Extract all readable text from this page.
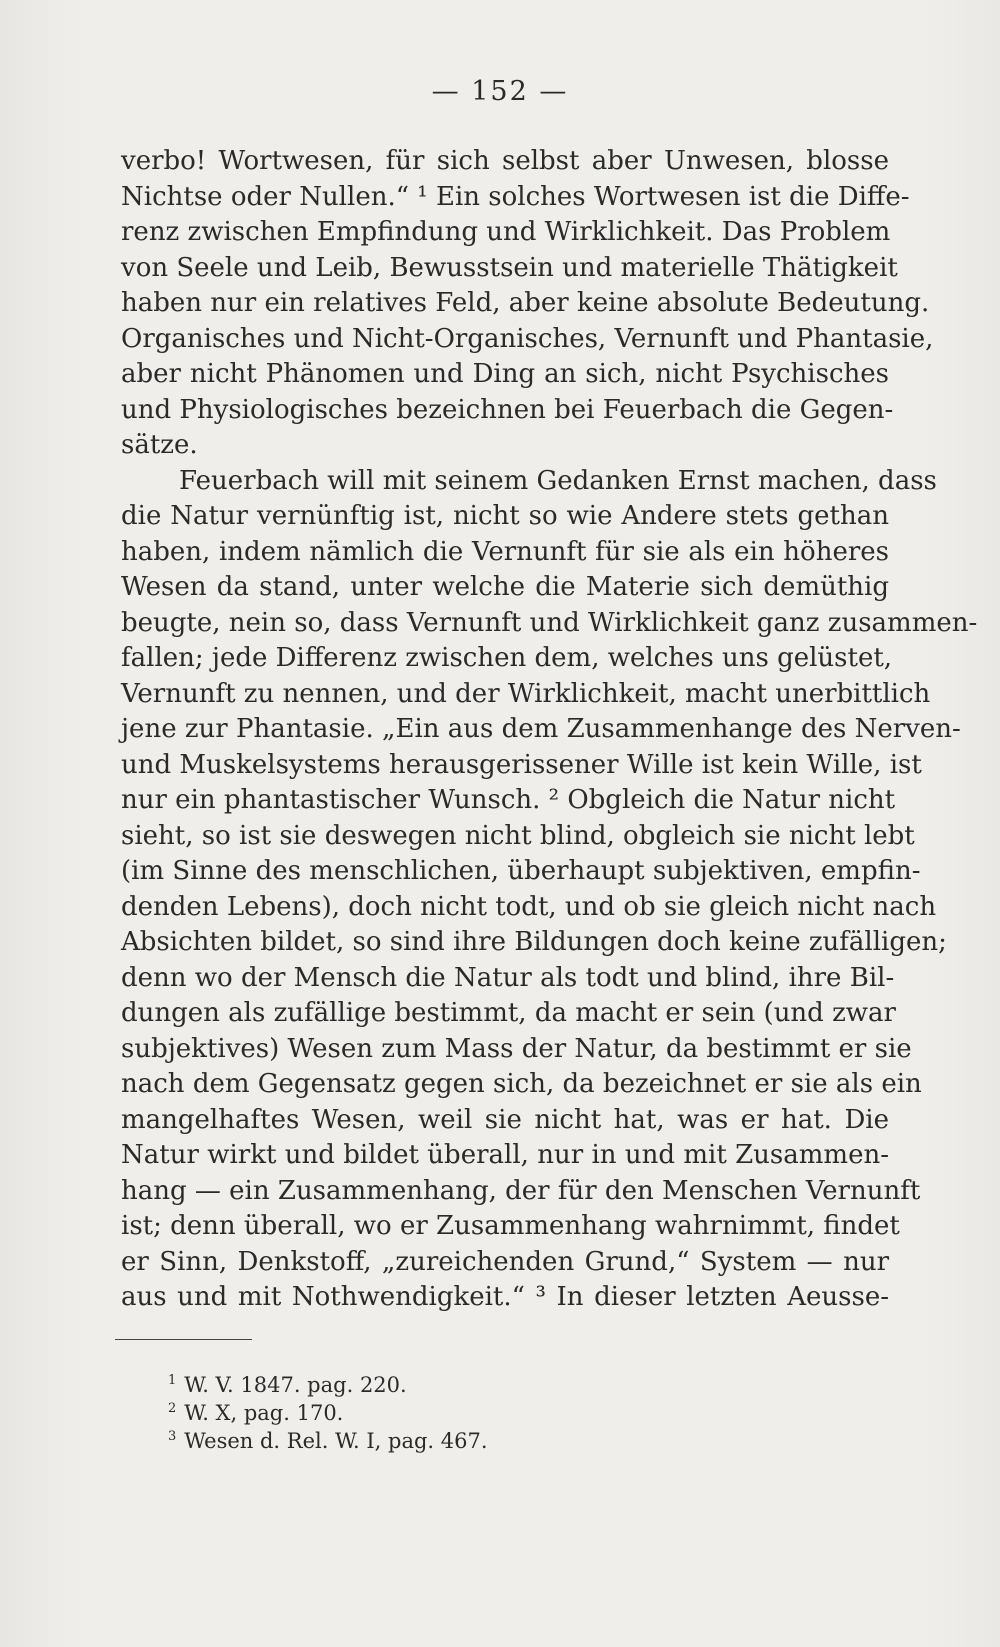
— 152 —
verbo! Wortwesen, für sich selbst aber Unwesen, blosse
Nichtse oder Nullen.“ ¹ Ein solches Wortwesen ist die Diffe-
renz zwischen Empfindung und Wirklichkeit. Das Problem
von Seele und Leib, Bewusstsein und materielle Thätigkeit
haben nur ein relatives Feld, aber keine absolute Bedeutung.
Organisches und Nicht-Organisches, Vernunft und Phantasie,
aber nicht Phänomen und Ding an sich, nicht Psychisches
und Physiologisches bezeichnen bei Feuerbach die Gegen-
sätze.
Feuerbach will mit seinem Gedanken Ernst machen, dass
die Natur vernünftig ist, nicht so wie Andere stets gethan
haben, indem nämlich die Vernunft für sie als ein höheres
Wesen da stand, unter welche die Materie sich demüthig
beugte, nein so, dass Vernunft und Wirklichkeit ganz zusammen-
fallen; jede Differenz zwischen dem, welches uns gelüstet,
Vernunft zu nennen, und der Wirklichkeit, macht unerbittlich
jene zur Phantasie. „Ein aus dem Zusammenhange des Nerven-
und Muskelsystems herausgerissener Wille ist kein Wille, ist
nur ein phantastischer Wunsch. ² Obgleich die Natur nicht
sieht, so ist sie deswegen nicht blind, obgleich sie nicht lebt
(im Sinne des menschlichen, überhaupt subjektiven, empfin-
denden Lebens), doch nicht todt, und ob sie gleich nicht nach
Absichten bildet, so sind ihre Bildungen doch keine zufälligen;
denn wo der Mensch die Natur als todt und blind, ihre Bil-
dungen als zufällige bestimmt, da macht er sein (und zwar
subjektives) Wesen zum Mass der Natur, da bestimmt er sie
nach dem Gegensatz gegen sich, da bezeichnet er sie als ein
mangelhaftes Wesen, weil sie nicht hat, was er hat. Die
Natur wirkt und bildet überall, nur in und mit Zusammen-
hang — ein Zusammenhang, der für den Menschen Vernunft
ist; denn überall, wo er Zusammenhang wahrnimmt, findet
er Sinn, Denkstoff, „zureichenden Grund,“ System — nur
aus und mit Nothwendigkeit.“ ³ In dieser letzten Aeusse-
$^1$ W. V. 1847. pag. 220.
$^2$ W. X, pag. 170.
$^3$ Wesen d. Rel. W. I, pag. 467.
